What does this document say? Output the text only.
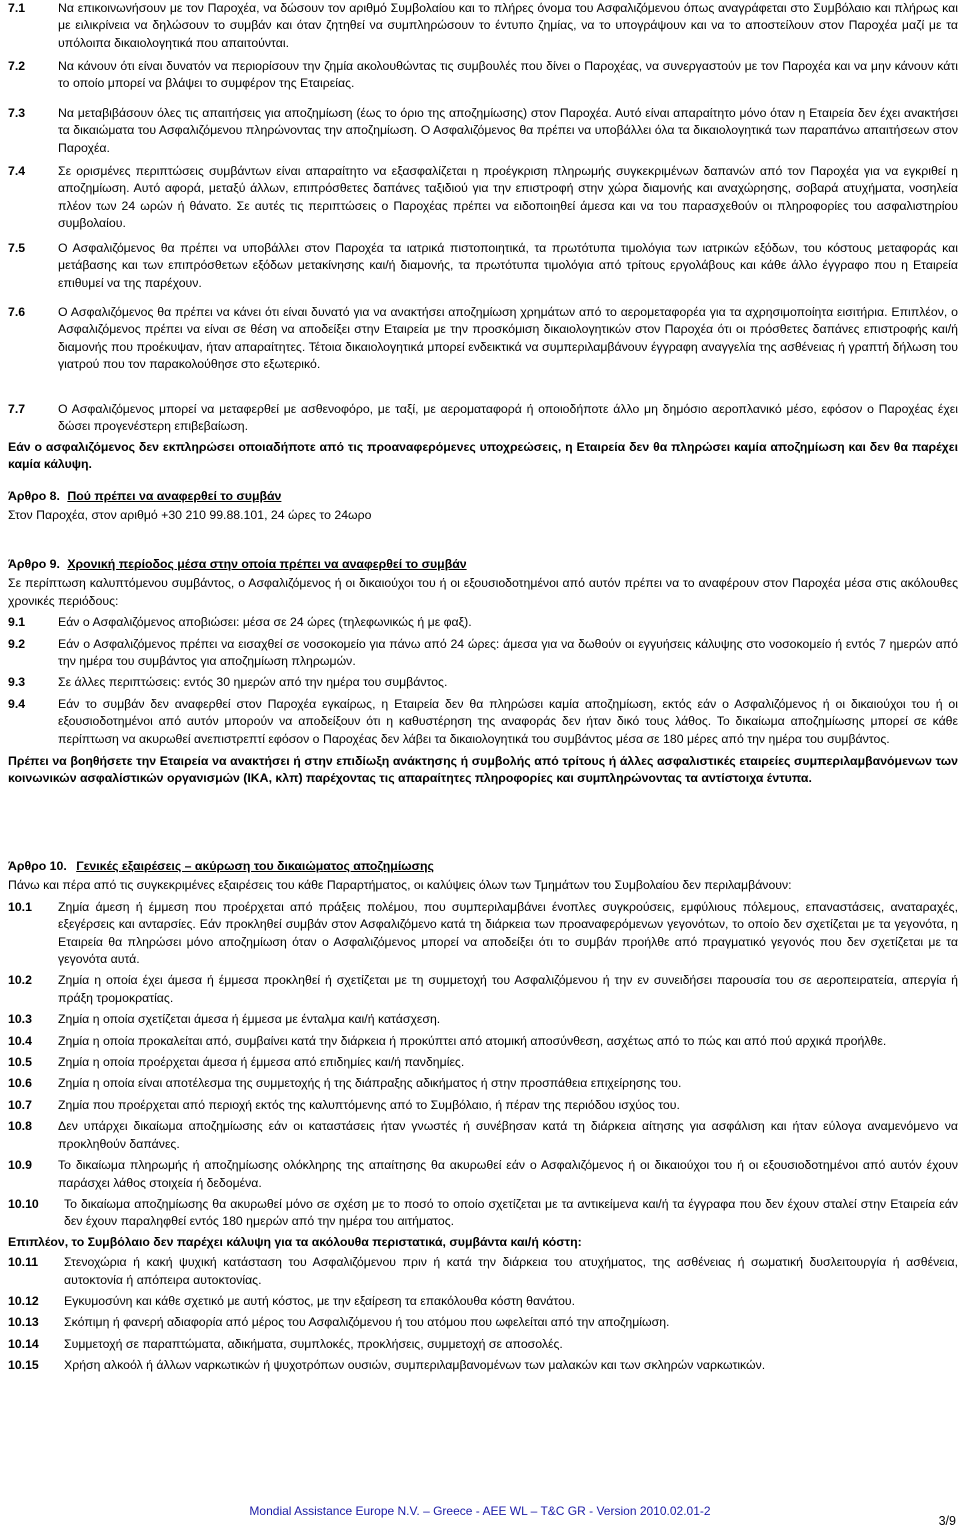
7.1	Να επικοινωνήσουν με τον Παροχέα, να δώσουν τον αριθμό Συμβολαίου και το πλήρες όνομα του Ασφαλιζόμενου όπως αναγράφεται στο Συμβόλαιο και πλήρως και με ειλικρίνεια να δηλώσουν το συμβάν και όταν ζητηθεί να συμπληρώσουν το έντυπο ζημίας, να το υπογράψουν και να το αποστείλουν στον Παροχέα μαζί με τα υπόλοιπα δικαιολογητικά που απαιτούνται.
7.2	Να κάνουν ότι είναι δυνατόν να περιορίσουν την ζημία ακολουθώντας τις συμβουλές που δίνει ο Παροχέας, να συνεργαστούν με τον Παροχέα και να μην κάνουν κάτι το οποίο μπορεί να βλάψει το συμφέρον της Εταιρείας.
7.3	Να μεταβιβάσουν όλες τις απαιτήσεις για αποζημίωση (έως το όριο της αποζημίωσης) στον Παροχέα. Αυτό είναι απαραίτητο μόνο όταν η Εταιρεία δεν έχει ανακτήσει τα δικαιώματα του Ασφαλιζόμενου πληρώνοντας την αποζημίωση. Ο Ασφαλιζόμενος θα πρέπει να υποβάλλει όλα τα δικαιολογητικά των παραπάνω απαιτήσεων στον Παροχέα.
7.4	Σε ορισμένες περιπτώσεις συμβάντων είναι απαραίτητο να εξασφαλίζεται η προέγκριση πληρωμής συγκεκριμένων δαπανών από τον Παροχέα για να εγκριθεί η αποζημίωση. Αυτό αφορά, μεταξύ άλλων, επιπρόσθετες δαπάνες ταξιδιού για την επιστροφή στην χώρα διαμονής και αναχώρησης, σοβαρά ατυχήματα, νοσηλεία πλέον των 24 ωρών ή θάνατο. Σε αυτές τις περιπτώσεις ο Παροχέας πρέπει να ειδοποιηθεί άμεσα και να του παρασχεθούν οι πληροφορίες του ασφαλιστηρίου συμβολαίου.
7.5	Ο Ασφαλιζόμενος θα πρέπει να υποβάλλει στον Παροχέα τα ιατρικά πιστοποιητικά, τα πρωτότυπα τιμολόγια των ιατρικών εξόδων, του κόστους μεταφοράς και μετάβασης και των επιπρόσθετων εξόδων μετακίνησης και/ή διαμονής, τα πρωτότυπα τιμολόγια από τρίτους εργολάβους και κάθε άλλο έγγραφο που η Εταιρεία επιθυμεί να της παρέχουν.
7.6	Ο Ασφαλιζόμενος θα πρέπει να κάνει ότι είναι δυνατό για να ανακτήσει αποζημίωση χρημάτων από το αερομεταφορέα για τα αχρησιμοποίητα εισιτήρια. Επιπλέον, ο Ασφαλιζόμενος πρέπει να είναι σε θέση να αποδείξει στην Εταιρεία με την προσκόμιση δικαιολογητικών στον Παροχέα ότι οι πρόσθετες δαπάνες επιστροφής και/ή διαμονής που προέκυψαν, ήταν απαραίτητες. Τέτοια δικαιολογητικά μπορεί ενδεικτικά να συμπεριλαμβάνουν έγγραφη αναγγελία της ασθένειας ή γραπτή δήλωση του γιατρού που τον παρακολούθησε στο εξωτερικό.
7.7	Ο Ασφαλιζόμενος μπορεί να μεταφερθεί με ασθενοφόρο, με ταξί, με αεροματαφορά ή οποιοδήποτε άλλο μη δημόσιο αεροπλανικό μέσο, εφόσον ο Παροχέας έχει δώσει προγενέστερη επιβεβαίωση.
Εάν ο ασφαλιζόμενος δεν εκπληρώσει οποιαδήποτε από τις προαναφερόμενες υποχρεώσεις, η Εταιρεία δεν θα πληρώσει καμία αποζημίωση και δεν θα παρέχει καμία κάλυψη.
Άρθρο 8. Πού πρέπει να αναφερθεί το συμβάν
Στον Παροχέα, στον αριθμό +30 210 99.88.101, 24 ώρες το 24ωρο
Άρθρο 9. Χρονική περίοδος μέσα στην οποία πρέπει να αναφερθεί το συμβάν
Σε περίπτωση καλυπτόμενου συμβάντος, ο Ασφαλιζόμενος ή οι δικαιούχοι του ή οι εξουσιοδοτημένοι από αυτόν πρέπει να το αναφέρουν στον Παροχέα μέσα στις ακόλουθες χρονικές περιόδους:
9.1	Εάν ο Ασφαλιζόμενος αποβιώσει: μέσα σε 24 ώρες (τηλεφωνικώς ή με φαξ).
9.2	Εάν ο Ασφαλιζόμενος πρέπει να εισαχθεί σε νοσοκομείο για πάνω από 24 ώρες: άμεσα για να δωθούν οι εγγυήσεις κάλυψης στο νοσοκομείο ή εντός 7 ημερών από την ημέρα του συμβάντος για αποζημίωση πληρωμών.
9.3	Σε άλλες περιπτώσεις: εντός 30 ημερών από την ημέρα του συμβάντος.
9.4	Εάν το συμβάν δεν αναφερθεί στον Παροχέα εγκαίρως, η Εταιρεία δεν θα πληρώσει καμία αποζημίωση, εκτός εάν ο Ασφαλιζόμενος ή οι δικαιούχοι του ή οι εξουσιοδοτημένοι από αυτόν μπορούν να αποδείξουν ότι η καθυστέρηση της αναφοράς δεν ήταν δικό τους λάθος. Το δικαίωμα αποζημίωσης μπορεί σε κάθε περίπτωση να ακυρωθεί ανεπιστρεπτί εφόσον ο Παροχέας δεν λάβει τα δικαιολογητικά του συμβάντος μέσα σε 180 μέρες από την ημέρα του συμβάντος.
Πρέπει να βοηθήσετε την Εταιρεία να ανακτήσει ή στην επιδίωξη ανάκτησης ή συμβολής από τρίτους ή άλλες ασφαλιστικές εταιρείες συμπεριλαμβανόμενων των κοινωνικών ασφαλίστικών οργανισμών (ΙΚΑ, κλπ) παρέχοντας τις απαραίτητες πληροφορίες και συμπληρώνοντας τα αντίστοιχα έντυπα.
Άρθρο 10. Γενικές εξαιρέσεις – ακύρωση του δικαιώματος αποζημίωσης
Πάνω και πέρα από τις συγκεκριμένες εξαιρέσεις του κάθε Παραρτήματος, οι καλύψεις όλων των Τμημάτων του Συμβολαίου δεν περιλαμβάνουν:
10.1	Ζημία άμεση ή έμμεση που προέρχεται από πράξεις πολέμου, που συμπεριλαμβάνει ένοπλες συγκρούσεις, εμφύλιους πόλεμους, επαναστάσεις, αναταραχές, εξεγέρσεις και ανταρσίες. Εάν προκληθεί συμβάν στον Ασφαλιζόμενο κατά τη διάρκεια των προαναφερόμενων γεγονότων, το οποίο δεν σχετίζεται με τα γεγονότα, η Εταιρεία θα πληρώσει μόνο αποζημίωση όταν ο Ασφαλιζόμενος μπορεί να αποδείξει ότι το συμβάν προήλθε από πραγματικό γεγονός που δεν σχετίζεται με τα γεγονότα αυτά.
10.2	Ζημία η οποία έχει άμεσα ή έμμεσα προκληθεί ή σχετίζεται με τη συμμετοχή του Ασφαλιζόμενου ή την εν συνειδήσει παρουσία του σε αεροπειρατεία, απεργία ή πράξη τρομοκρατίας.
10.3	Ζημία η οποία σχετίζεται άμεσα ή έμμεσα με ένταλμα και/ή κατάσχεση.
10.4	Ζημία η οποία προκαλείται από, συμβαίνει κατά την διάρκεια ή προκύπτει από ατομική αποσύνθεση, ασχέτως από το πώς και από πού αρχικά προήλθε.
10.5	Ζημία η οποία προέρχεται άμεσα ή έμμεσα από επιδημίες και/ή πανδημίες.
10.6	Ζημία η οποία είναι αποτέλεσμα της συμμετοχής ή της διάπραξης αδικήματος ή στην προσπάθεια επιχείρησης του.
10.7	Ζημία που προέρχεται από περιοχή εκτός της καλυπτόμενης από το Συμβόλαιο, ή πέραν της περιόδου ισχύος του.
10.8	Δεν υπάρχει δικαίωμα αποζημίωσης εάν οι καταστάσεις ήταν γνωστές ή συνέβησαν κατά τη διάρκεια αίτησης για ασφάλιση και ήταν εύλογα αναμενόμενο να προκληθούν δαπάνες.
10.9	Το δικαίωμα πληρωμής ή αποζημίωσης ολόκληρης της απαίτησης θα ακυρωθεί εάν ο Ασφαλιζόμενος ή οι δικαιούχοι του ή οι εξουσιοδοτημένοι από αυτόν έχουν παράσχει λάθος στοιχεία ή δεδομένα.
10.10	Το δικαίωμα αποζημίωσης θα ακυρωθεί μόνο σε σχέση με το ποσό το οποίο σχετίζεται με τα αντικείμενα και/ή τα έγγραφα που δεν έχουν σταλεί στην Εταιρεία εάν δεν έχουν παραληφθεί εντός 180 ημερών από την ημέρα του αιτήματος.
Επιπλέον, το Συμβόλαιο δεν παρέχει κάλυψη για τα ακόλουθα περιστατικά, συμβάντα και/ή κόστη:
10.11	Στενοχώρια ή κακή ψυχική κατάσταση του Ασφαλιζόμενου πριν ή κατά την διάρκεια του ατυχήματος, της ασθένειας ή σωματική δυσλειτουργία ή ασθένεια, αυτοκτονία ή απόπειρα αυτοκτονίας.
10.12	Εγκυμοσύνη και κάθε σχετικό με αυτή κόστος, με την εξαίρεση τα επακόλουθα κόστη θανάτου.
10.13	Σκόπιμη ή φανερή αδιαφορία από μέρος του Ασφαλιζόμενου ή του ατόμου που ωφελείται από την αποζημίωση.
10.14	Συμμετοχή σε παραπτώματα, αδικήματα, συμπλοκές, προκλήσεις, συμμετοχή σε αποσολές.
10.15	Χρήση αλκοόλ ή άλλων ναρκωτικών ή ψυχοτρόπων ουσιών, συμπεριλαμβανομένων των μαλακών και των σκληρών ναρκωτικών.
Mondial Assistance Europe N.V. – Greece - AEE WL – T&C GR - Version 2010.02.01-2
3/9
